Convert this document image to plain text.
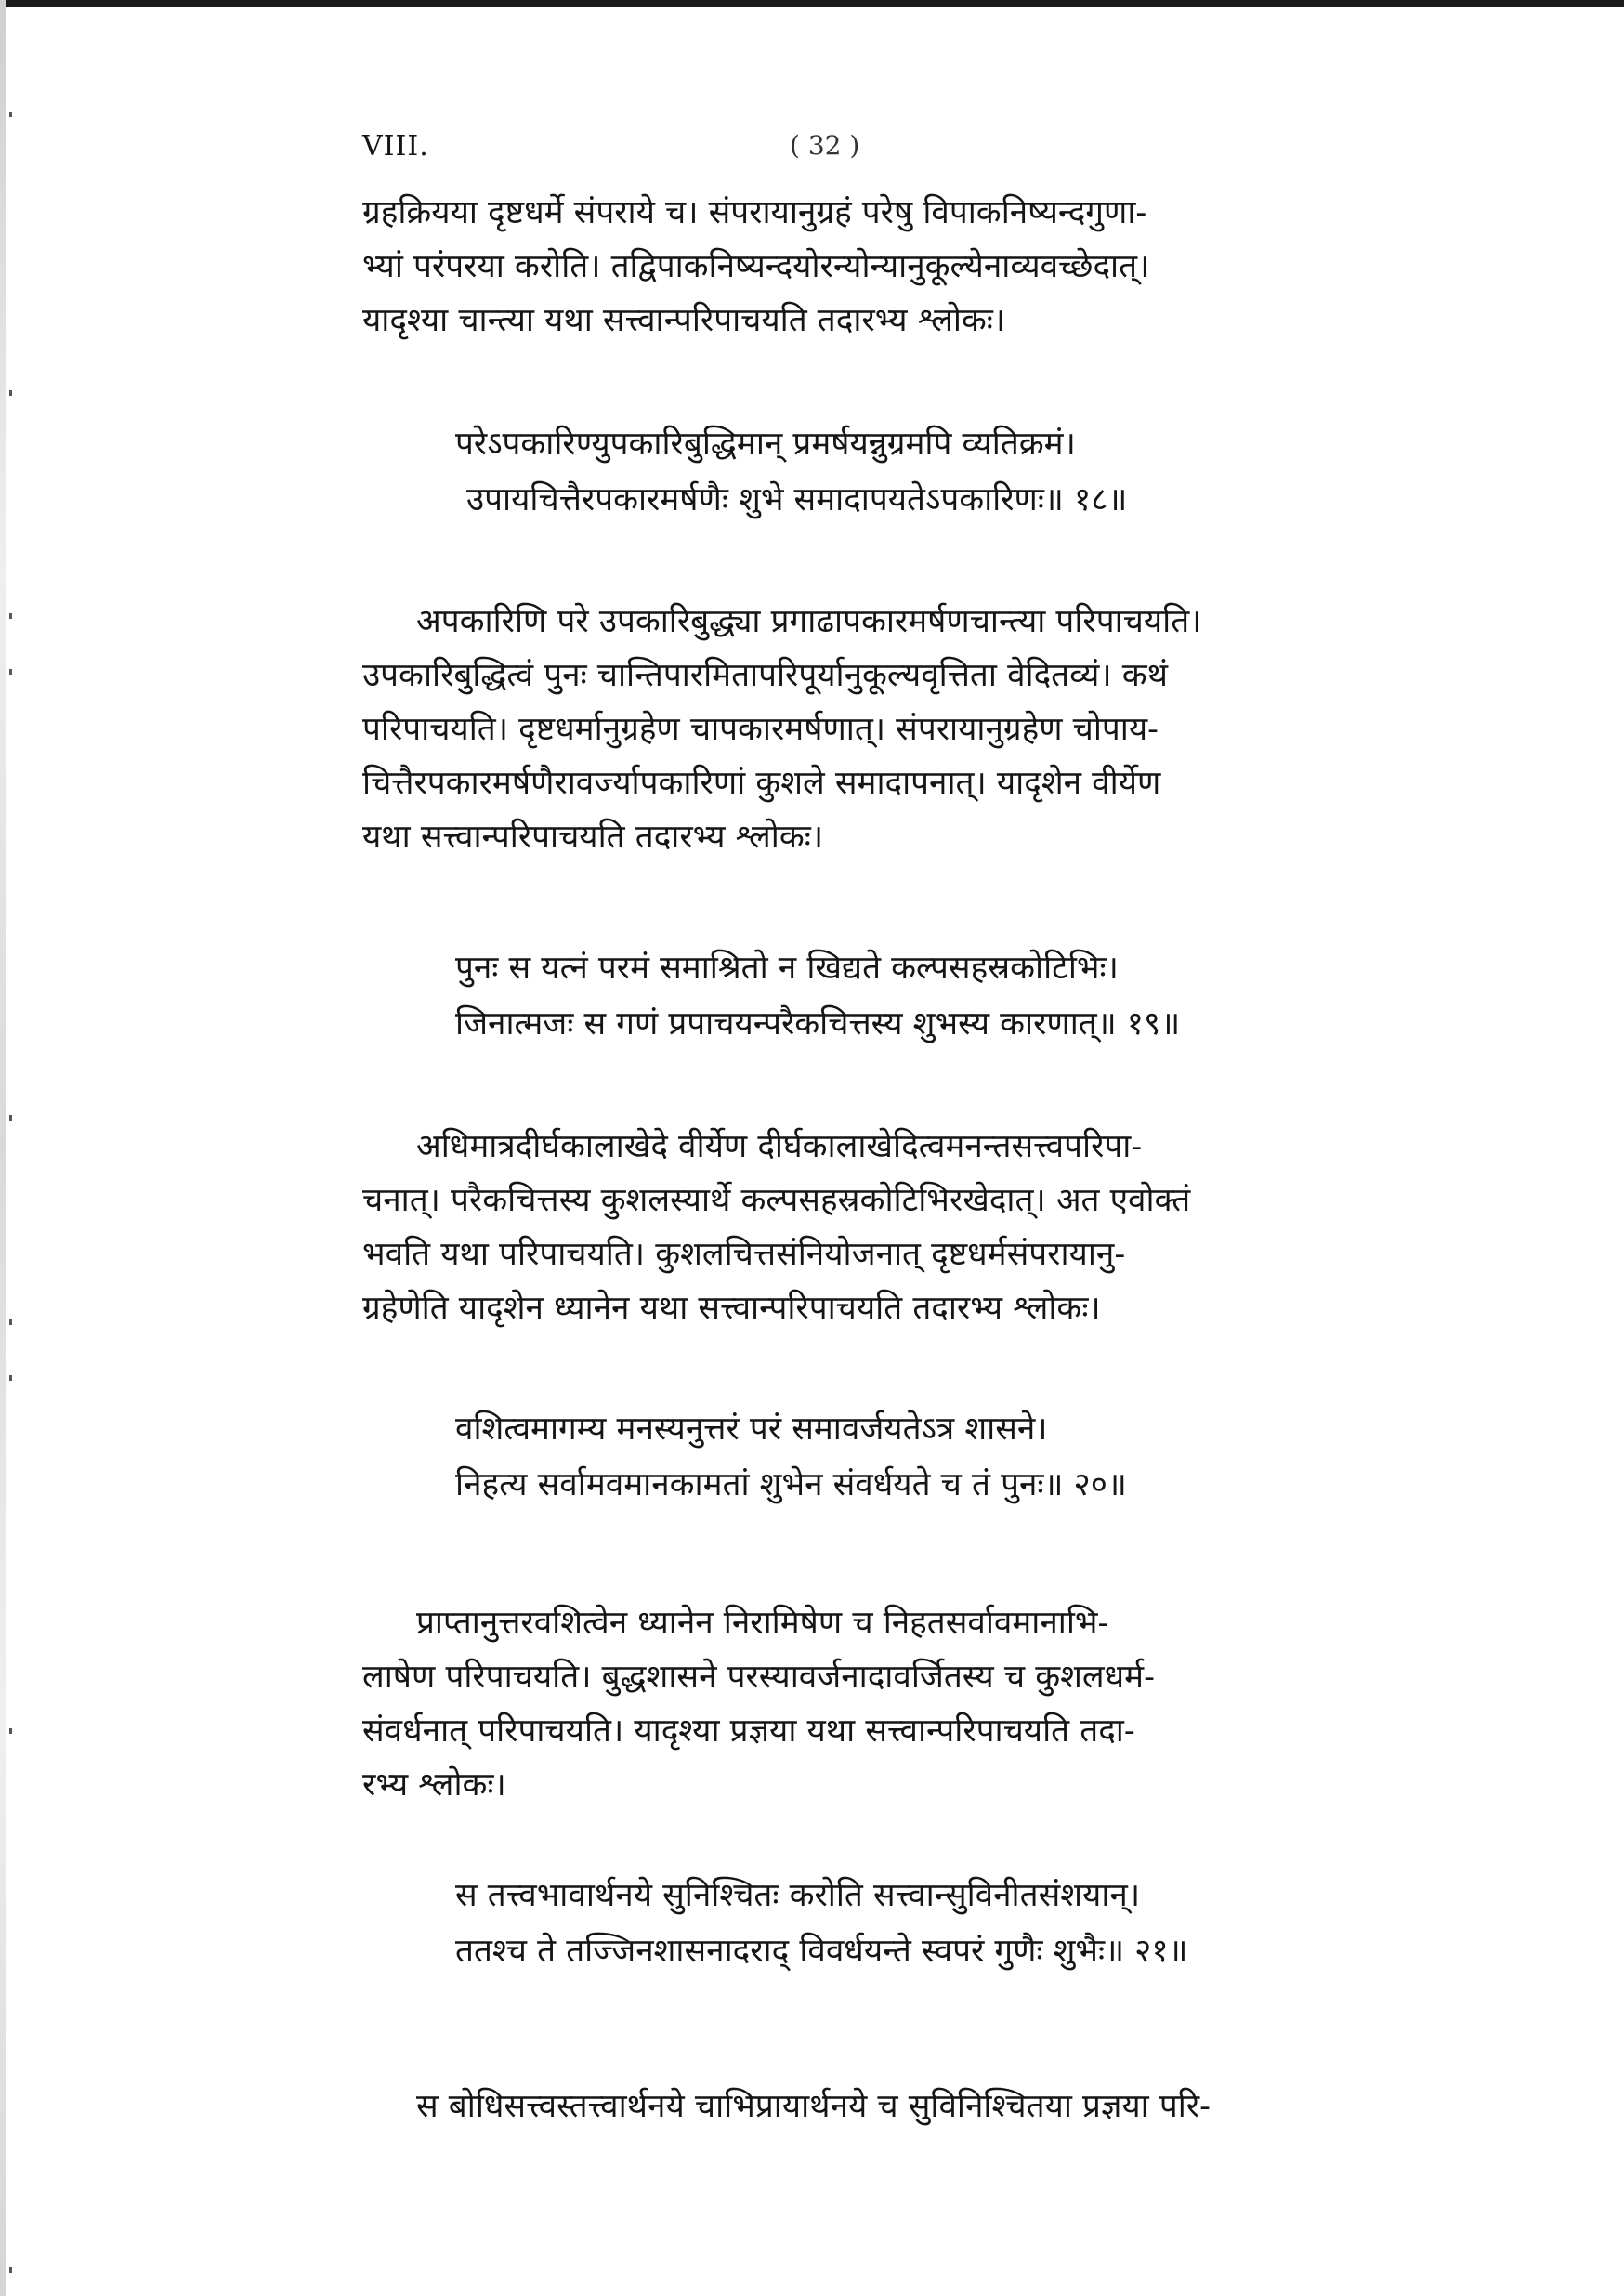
VIII.	( 32 )
ग्रहक्रियया दृष्टधर्मे संपराये च। संपरायानुग्रहं परेषु विपाकनिष्यन्दगुणा-
भ्यां परंपरया करोति। तद्विपाकनिष्यन्दयोरन्योन्यानुकूल्येनाव्यवच्छेदात्।
यादृश्या चान्त्या यथा सत्त्वान्परिपाचयति तदारभ्य श्लोकः।
परेऽपकारिण्युपकारिबुद्धिमान् प्रमर्षयन्नुग्रमपि व्यतिक्रमं।
उपायचित्तैरपकारमर्षणैः शुभे समादापयतेऽपकारिणः॥ १८॥
अपकारिणि परे उपकारिबुद्ध्या प्रगाढापकारमर्षणचान्त्या परिपाचयति।
उपकारिबुद्धित्वं पुनः चान्तिपारमितापरिपूर्यानुकूल्यवृत्तिता वेदितव्यं। कथं
परिपाचयति। दृष्टधर्मानुग्रहेण चापकारमर्षणात्। संपरायानुग्रहेण चोपाय-
चित्तैरपकारमर्षणैरावर्ज्यापकारिणां कुशले समादापनात्। यादृशेन वीर्येण
यथा सत्त्वान्परिपाचयति तदारभ्य श्लोकः।
पुनः स यत्नं परमं समाश्रितो न खिद्यते कल्पसहस्रकोटिभिः।
जिनात्मजः स गणं प्रपाचयन्परैकचित्तस्य शुभस्य कारणात्॥ १९॥
अधिमात्रदीर्घकालाखेदे वीर्येण दीर्घकालाखेदित्वमनन्तसत्त्वपरिपा-
चनात्। परैकचित्तस्य कुशलस्यार्थे कल्पसहस्रकोटिभिरखेदात्। अत एवोक्तं
भवति यथा परिपाचयति। कुशलचित्तसंनियोजनात् दृष्टधर्मसंपरायानु-
ग्रहेणेति यादृशेन ध्यानेन यथा सत्त्वान्परिपाचयति तदारभ्य श्लोकः।
वशित्वमागम्य मनस्यनुत्तरं परं समावर्जयतेऽत्र शासने।
निहत्य सर्वामवमानकामतां शुभेन संवर्धयते च तं पुनः॥ २०॥
प्राप्तानुत्तरवशित्वेन ध्यानेन निरामिषेण च निहतसर्वावमानाभि-
लाषेण परिपाचयति। बुद्धशासने परस्यावर्जनादावर्जितस्य च कुशलधर्म-
संवर्धनात् परिपाचयति। यादृश्या प्रज्ञया यथा सत्त्वान्परिपाचयति तदा-
रभ्य श्लोकः।
स तत्त्वभावार्थनये सुनिश्चितः करोति सत्त्वान्सुविनीतसंशयान्।
ततश्च ते तज्जिनशासनादराद् विवर्धयन्ते स्वपरं गुणैः शुभैः॥ २१॥
स बोधिसत्त्वस्तत्त्वार्थनये चाभिप्रायार्थनये च सुविनिश्चितया प्रज्ञया परि-
